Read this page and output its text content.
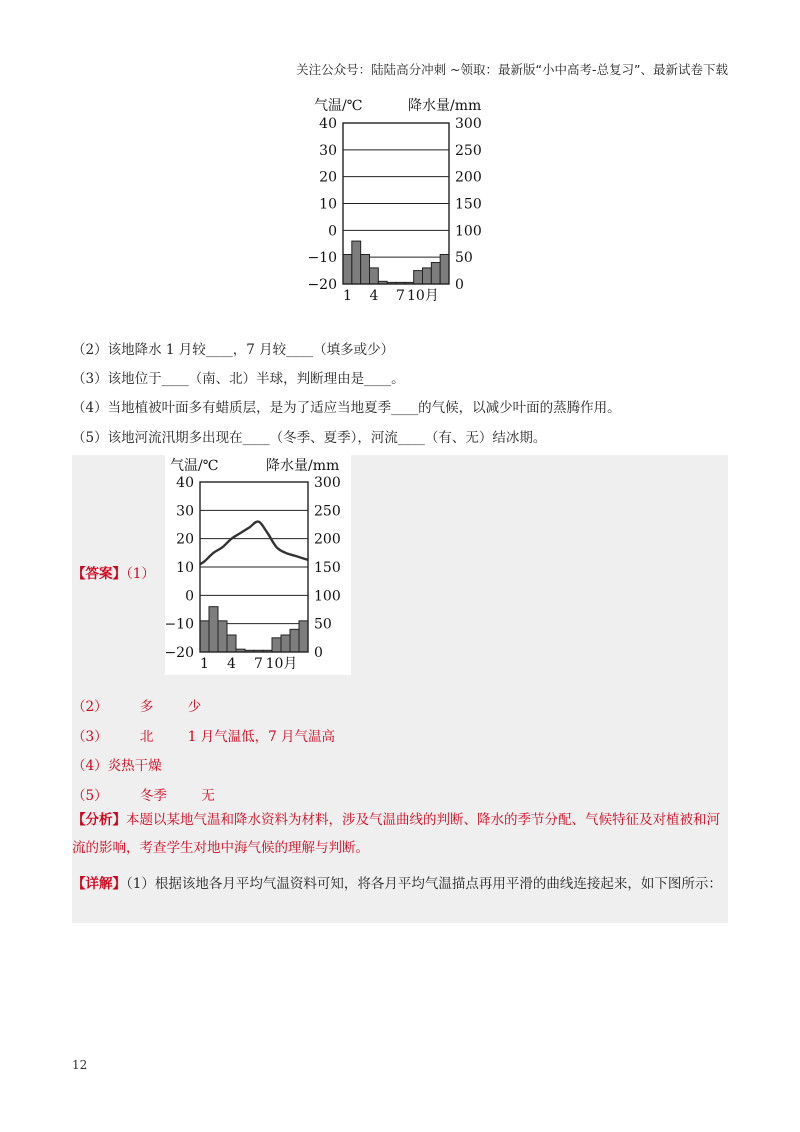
关注公众号：陆陆高分冲刺 ~领取：最新版“小中高考-总复习”、最新试卷下载
气温/℃	降水量/mm
40
30
20
10
0
−10
−20
300
250
200
150
100
50
0
1 4 7 10月
（2）该地降水 1 月较____，7 月较____（填多或少）
（3）该地位于____（南、北）半球，判断理由是____。
（4）当地植被叶面多有蜡质层，是为了适应当地夏季____的气候，以减少叶面的蒸腾作用。
（5）该地河流汛期多出现在____（冬季、夏季），河流____（有、无）结冰期。
气温/℃	降水量/mm
40
30
20
10
0
−10
−20
300
250
200
150
100
50
0
1 4 7 10月
【答案】（1）
（2） 多	少
（3） 北	1 月气温低，7 月气温高
（4）炎热干燥
（5） 冬季	无
【分析】本题以某地气温和降水资料为材料，涉及气温曲线的判断、降水的季节分配、气候特征及对植被和河流的影响，考查学生对地中海气候的理解与判断。
【详解】（1）根据该地各月平均气温资料可知，将各月平均气温描点再用平滑的曲线连接起来，如下图所示：
12
